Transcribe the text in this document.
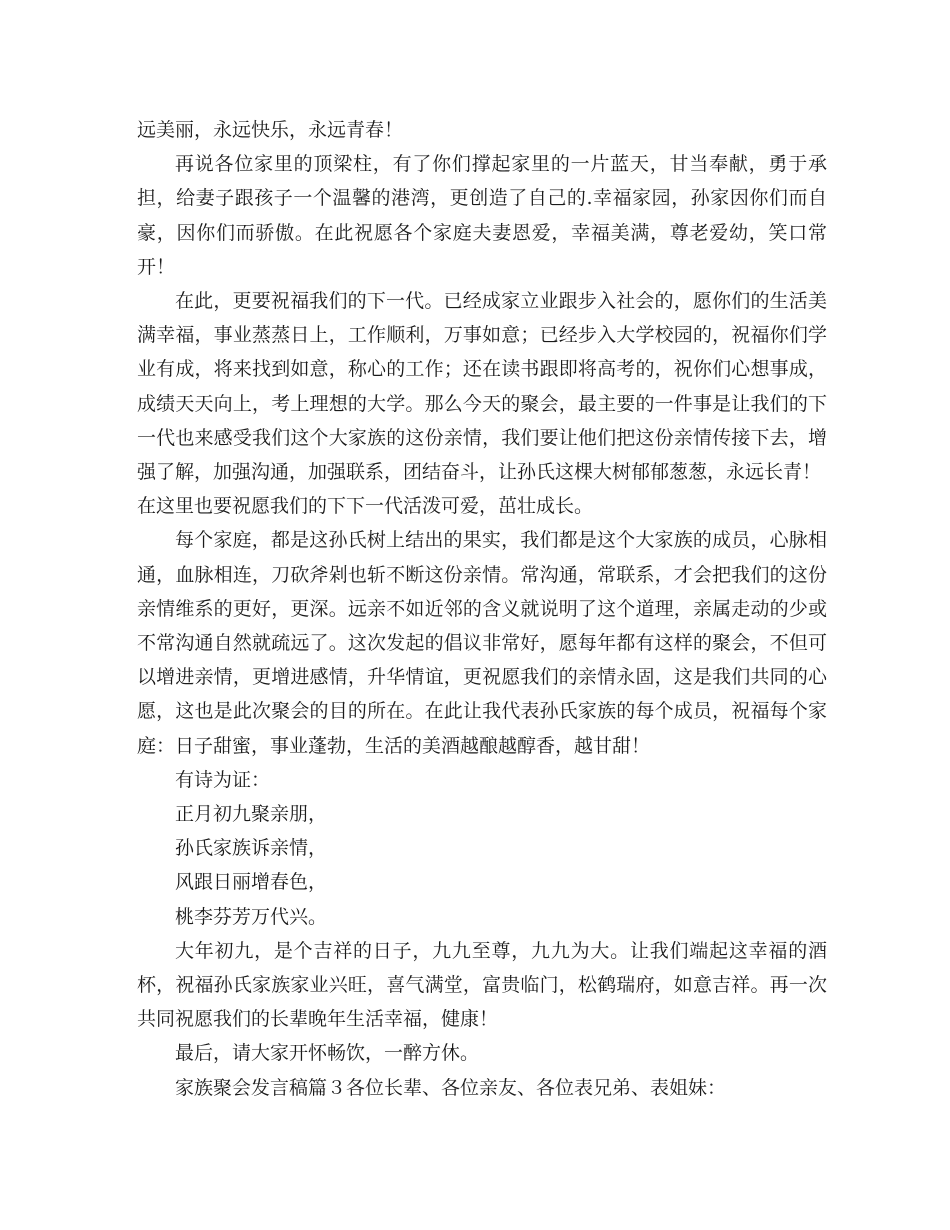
远美丽，永远快乐，永远青春！

再说各位家里的顶梁柱，有了你们撑起家里的一片蓝天，甘当奉献，勇于承担，给妻子跟孩子一个温馨的港湾，更创造了自己的.幸福家园，孙家因你们而自豪，因你们而骄傲。在此祝愿各个家庭夫妻恩爱，幸福美满，尊老爱幼，笑口常开！

在此，更要祝福我们的下一代。已经成家立业跟步入社会的，愿你们的生活美满幸福，事业蒸蒸日上，工作顺利，万事如意；已经步入大学校园的，祝福你们学业有成，将来找到如意，称心的工作；还在读书跟即将高考的，祝你们心想事成，成绩天天向上，考上理想的大学。那么今天的聚会，最主要的一件事是让我们的下一代也来感受我们这个大家族的这份亲情，我们要让他们把这份亲情传接下去，增强了解，加强沟通，加强联系，团结奋斗，让孙氏这棵大树郁郁葱葱，永远长青！

在这里也要祝愿我们的下下一代活泼可爱，茁壮成长。

每个家庭，都是这孙氏树上结出的果实，我们都是这个大家族的成员，心脉相通，血脉相连，刀砍斧剁也斩不断这份亲情。常沟通，常联系，才会把我们的这份亲情维系的更好，更深。远亲不如近邻的含义就说明了这个道理，亲属走动的少或不常沟通自然就疏远了。这次发起的倡议非常好，愿每年都有这样的聚会，不但可以增进亲情，更增进感情，升华情谊，更祝愿我们的亲情永固，这是我们共同的心愿，这也是此次聚会的目的所在。在此让我代表孙氏家族的每个成员，祝福每个家庭：日子甜蜜，事业蓬勃，生活的美酒越酿越醇香，越甘甜！

有诗为证：

正月初九聚亲朋，

孙氏家族诉亲情，

风跟日丽增春色，

桃李芬芳万代兴。

大年初九，是个吉祥的日子，九九至尊，九九为大。让我们端起这幸福的酒杯，祝福孙氏家族家业兴旺，喜气满堂，富贵临门，松鹤瑞府，如意吉祥。再一次共同祝愿我们的长辈晚年生活幸福，健康！

最后，请大家开怀畅饮，一醉方休。

家族聚会发言稿篇３各位长辈、各位亲友、各位表兄弟、表姐妹：
